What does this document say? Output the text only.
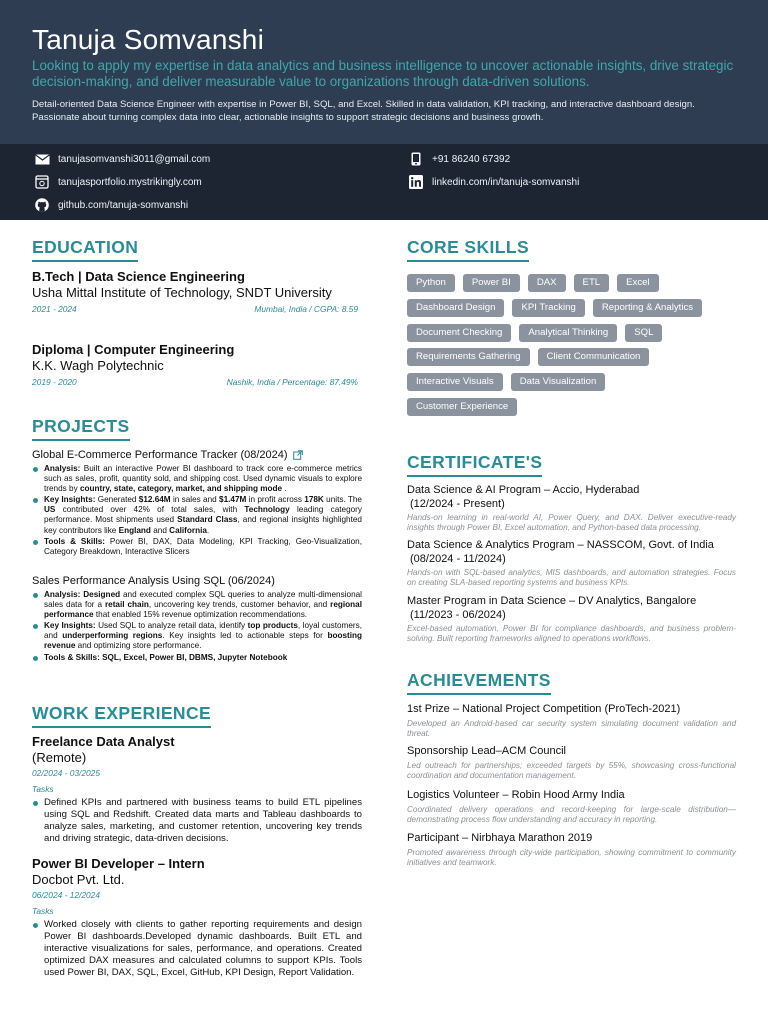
Tanuja Somvanshi
Looking to apply my expertise in data analytics and business intelligence to uncover actionable insights, drive strategic decision-making, and deliver measurable value to organizations through data-driven solutions.
Detail-oriented Data Science Engineer with expertise in Power BI, SQL, and Excel. Skilled in data validation, KPI tracking, and interactive dashboard design. Passionate about turning complex data into clear, actionable insights to support strategic decisions and business growth.
tanujasomvanshi3011@gmail.com	+91 86240 67392
tanujasportfolio.mystrikingly.com	linkedin.com/in/tanuja-somvanshi
github.com/tanuja-somvanshi
EDUCATION
B.Tech | Data Science Engineering
Usha Mittal Institute of Technology, SNDT University
2021 - 2024	Mumbai, India / CGPA: 8.59
Diploma | Computer Engineering
K.K. Wagh Polytechnic
2019 - 2020	Nashik, India / Percentage: 87.49%
PROJECTS
Global E-Commerce Performance Tracker (08/2024)
Analysis: Built an interactive Power BI dashboard to track core e-commerce metrics such as sales, profit, quantity sold, and shipping cost. Used dynamic visuals to explore trends by country, state, category, market, and shipping mode .
Key Insights: Generated $12.64M in sales and $1.47M in profit across 178K units. The US contributed over 42% of total sales, with Technology leading category performance. Most shipments used Standard Class, and regional insights highlighted key contributors like England and California.
Tools & Skills: Power BI, DAX, Data Modeling, KPI Tracking, Geo-Visualization, Category Breakdown, Interactive Slicers
Sales Performance Analysis Using SQL (06/2024)
Analysis: Designed and executed complex SQL queries to analyze multi-dimensional sales data for a retail chain, uncovering key trends, customer behavior, and regional performance that enabled 15% revenue optimization recommendations.
Key Insights: Used SQL to analyze retail data, identify top products, loyal customers, and underperforming regions. Key insights led to actionable steps for boosting revenue and optimizing store performance.
Tools & Skills: SQL, Excel, Power BI, DBMS, Jupyter Notebook
WORK EXPERIENCE
Freelance Data Analyst
(Remote)
02/2024 - 03/2025
Tasks
Defined KPIs and partnered with business teams to build ETL pipelines using SQL and Redshift. Created data marts and Tableau dashboards to analyze sales, marketing, and customer retention, uncovering key trends and driving strategic, data-driven decisions.
Power BI Developer – Intern
Docbot Pvt. Ltd.
06/2024 - 12/2024
Tasks
Worked closely with clients to gather reporting requirements and design Power BI dashboards.Developed dynamic dashboards. Built ETL and interactive visualizations for sales, performance, and operations. Created optimized DAX measures and calculated columns to support KPIs. Tools used Power BI, DAX, SQL, Excel, GitHub, KPI Design, Report Validation.
CORE SKILLS
Python	Power BI	DAX	ETL	Excel
Dashboard Design	KPI Tracking	Reporting & Analytics
Document Checking	Analytical Thinking	SQL
Requirements Gathering	Client Communication
Interactive Visuals	Data Visualization
Customer Experience
CERTIFICATE'S
Data Science & AI Program – Accio, Hyderabad
(12/2024 - Present)
Hands-on learning in real-world AI, Power Query, and DAX. Deliver executive-ready insights through Power BI, Excel automation, and Python-based data processing.
Data Science & Analytics Program – NASSCOM, Govt. of India
(08/2024 - 11/2024)
Hands-on with SQL-based analytics, MIS dashboards, and automation strategies. Focus on creating SLA-based reporting systems and business KPIs.
Master Program in Data Science – DV Analytics, Bangalore
(11/2023 - 06/2024)
Excel-based automation, Power BI for compliance dashboards, and business problem-solving. Built reporting frameworks aligned to operations workflows.
ACHIEVEMENTS
1st Prize – National Project Competition (ProTech-2021)
Developed an Android-based car security system simulating document validation and threat.
Sponsorship Lead–ACM Council
Led outreach for partnerships; exceeded targets by 55%, showcasing cross-functional coordination and documentation management.
Logistics Volunteer – Robin Hood Army India
Coordinated delivery operations and record-keeping for large-scale distribution—demonstrating process flow understanding and accuracy in reporting.
Participant – Nirbhaya Marathon 2019
Promoted awareness through city-wide participation, showing commitment to community initiatives and teamwork.
